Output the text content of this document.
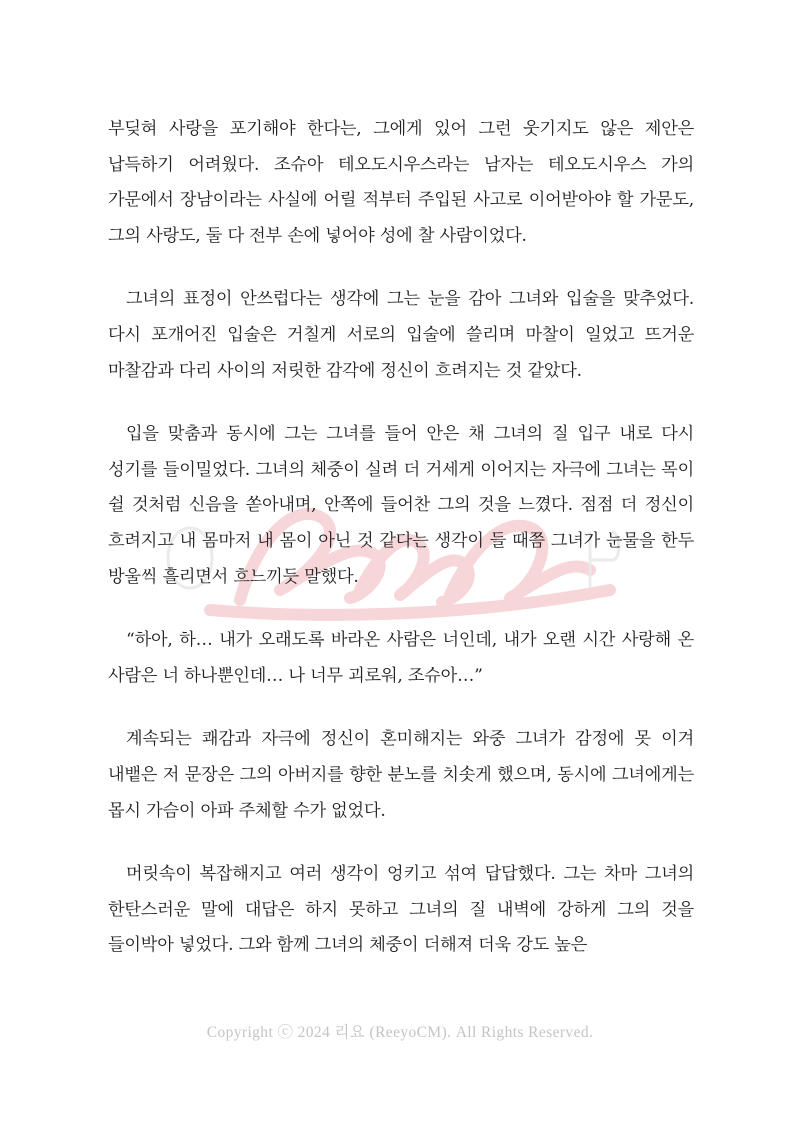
부딪혀 사랑을 포기해야 한다는, 그에게 있어 그런 웃기지도 않은 제안은 납득하기 어려웠다. 조슈아 테오도시우스라는 남자는 테오도시우스 가의 가문에서 장남이라는 사실에 어릴 적부터 주입된 사고로 이어받아야 할 가문도, 그의 사랑도, 둘 다 전부 손에 넣어야 성에 찰 사람이었다.

그녀의 표정이 안쓰럽다는 생각에 그는 눈을 감아 그녀와 입술을 맞추었다. 다시 포개어진 입술은 거칠게 서로의 입술에 쓸리며 마찰이 일었고 뜨거운 마찰감과 다리 사이의 저릿한 감각에 정신이 흐려지는 것 같았다.

입을 맞춤과 동시에 그는 그녀를 들어 안은 채 그녀의 질 입구 내로 다시 성기를 들이밀었다. 그녀의 체중이 실려 더 거세게 이어지는 자극에 그녀는 목이 쉴 것처럼 신음을 쏟아내며, 안쪽에 들어찬 그의 것을 느꼈다. 점점 더 정신이 흐려지고 내 몸마저 내 몸이 아닌 것 같다는 생각이 들 때쯤 그녀가 눈물을 한두 방울씩 흘리면서 흐느끼듯 말했다.

“하아, 하… 내가 오래도록 바라온 사람은 너인데, 내가 오랜 시간 사랑해 온 사람은 너 하나뿐인데… 나 너무 괴로워, 조슈아…”

계속되는 쾌감과 자극에 정신이 혼미해지는 와중 그녀가 감정에 못 이겨 내뱉은 저 문장은 그의 아버지를 향한 분노를 치솟게 했으며, 동시에 그녀에게는 몹시 가슴이 아파 주체할 수가 없었다.

머릿속이 복잡해지고 여러 생각이 엉키고 섞여 답답했다. 그는 차마 그녀의 한탄스러운 말에 대답은 하지 못하고 그녀의 질 내벽에 강하게 그의 것을 들이박아 넣었다. 그와 함께 그녀의 체중이 더해져 더욱 강도 높은

Copyright ⓒ 2024 리요 (ReeyoCM). All Rights Reserved.
